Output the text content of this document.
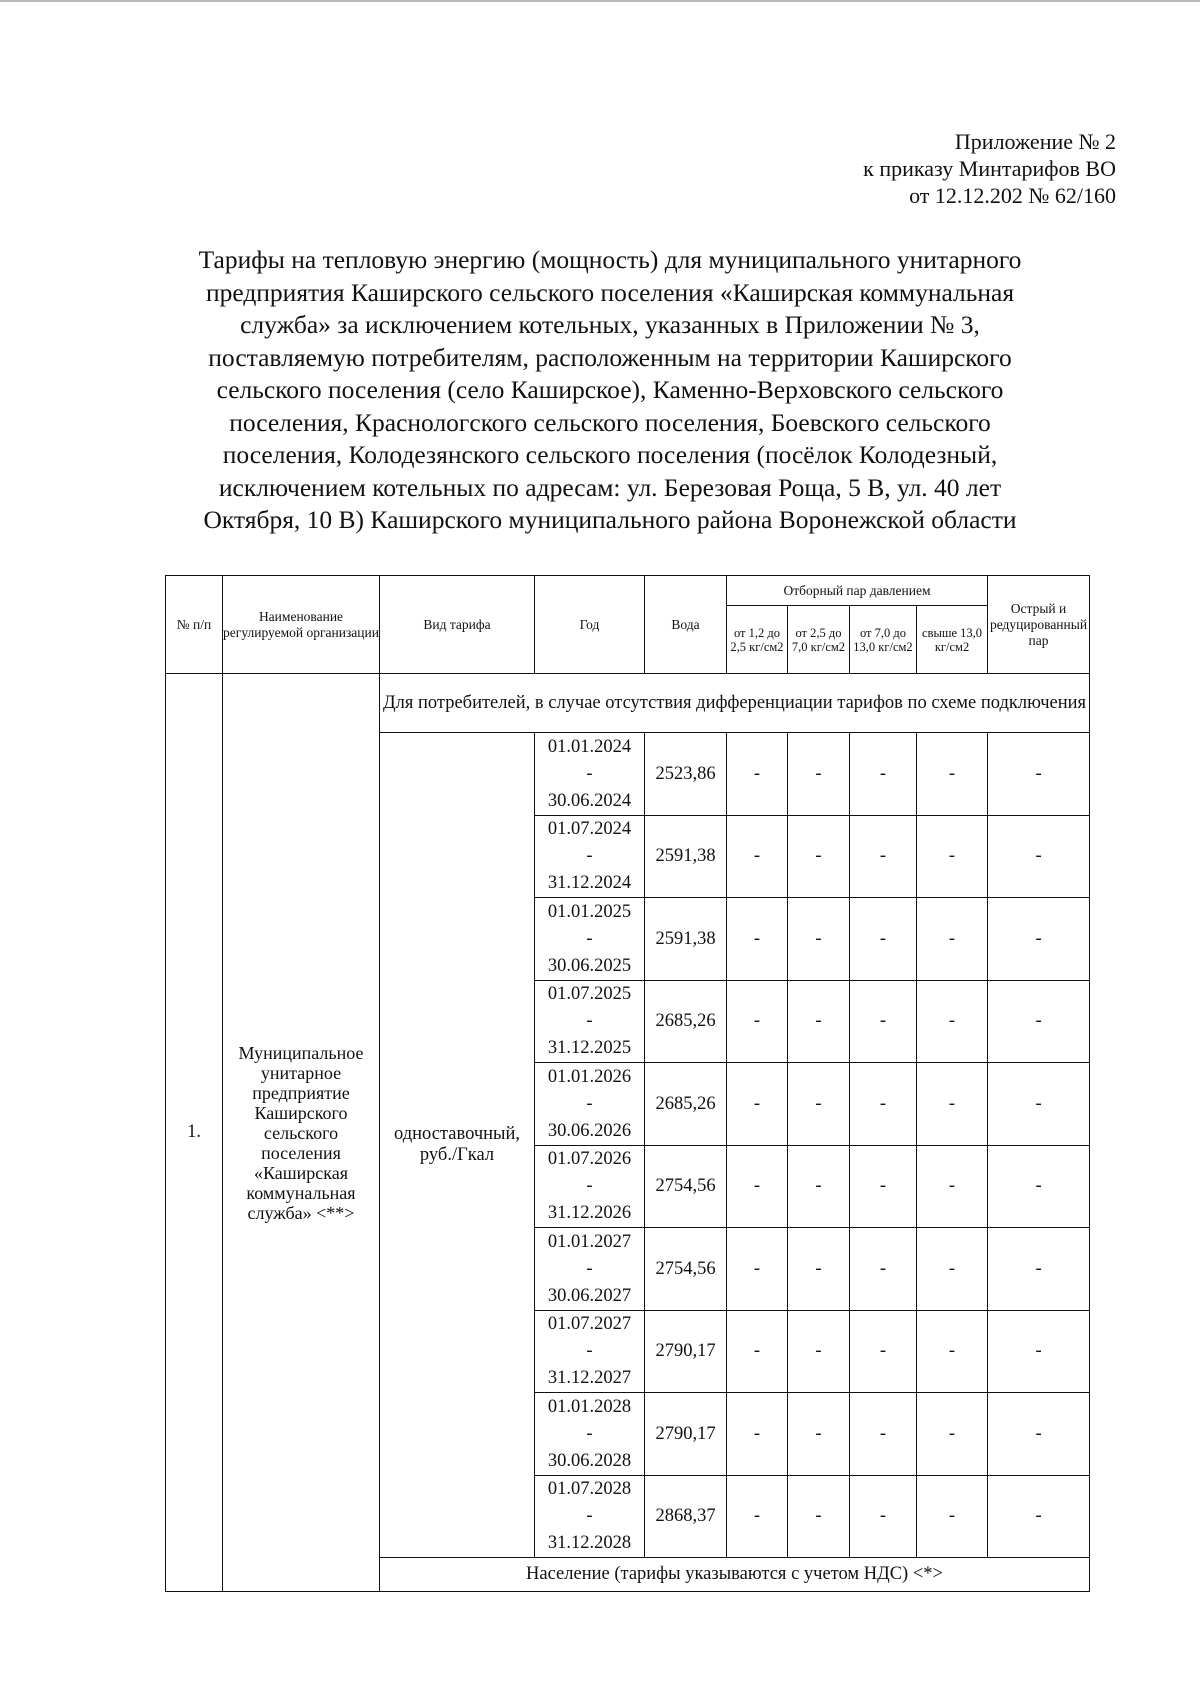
Приложение № 2
к приказу Минтарифов ВО
от 12.12.202 № 62/160
Тарифы на тепловую энергию (мощность) для муниципального унитарного
предприятия Каширского сельского поселения «Каширская коммунальная
служба» за исключением котельных, указанных в Приложении № 3,
поставляемую потребителям, расположенным на территории Каширского
сельского поселения (село Каширское), Каменно-Верховского сельского
поселения, Краснологского сельского поселения, Боевского сельского
поселения, Колодезянского сельского поселения (посёлок Колодезный,
исключением котельных по адресам: ул. Березовая Роща, 5 В, ул. 40 лет
Октября, 10 В) Каширского муниципального района Воронежской области
№ п/п	Наименование регулируемой организации	Вид тарифа	Год	Вода	Отборный пар давлением				Острый и редуцированный пар
					от 1,2 до 2,5 кг/см2	от 2,5 до 7,0 кг/см2	от 7,0 до 13,0 кг/см2	свыше 13,0 кг/см2	
1.	Муниципальное унитарное предприятие Каширского сельского поселения «Каширская коммунальная служба» <**>	Для потребителей, в случае отсутствия дифференциации тарифов по схеме подключения							
		одноставочный, руб./Гкал	01.01.2024
-
30.06.2024	2523,86	-	-	-	-	-

			01.07.2024
-
31.12.2024	2591,38	-	-	-	-	-

			01.01.2025
-
30.06.2025	2591,38	-	-	-	-	-

			01.07.2025
-
31.12.2025	2685,26	-	-	-	-	-

			01.01.2026
-
30.06.2026	2685,26	-	-	-	-	-

			01.07.2026
-
31.12.2026	2754,56	-	-	-	-	-

			01.01.2027
-
30.06.2027	2754,56	-	-	-	-	-

			01.07.2027
-
31.12.2027	2790,17	-	-	-	-	-

			01.01.2028
-
30.06.2028	2790,17	-	-	-	-	-

			01.07.2028
-
31.12.2028	2868,37	-	-	-	-	-
		Население (тарифы указываются с учетом НДС) <*>							
